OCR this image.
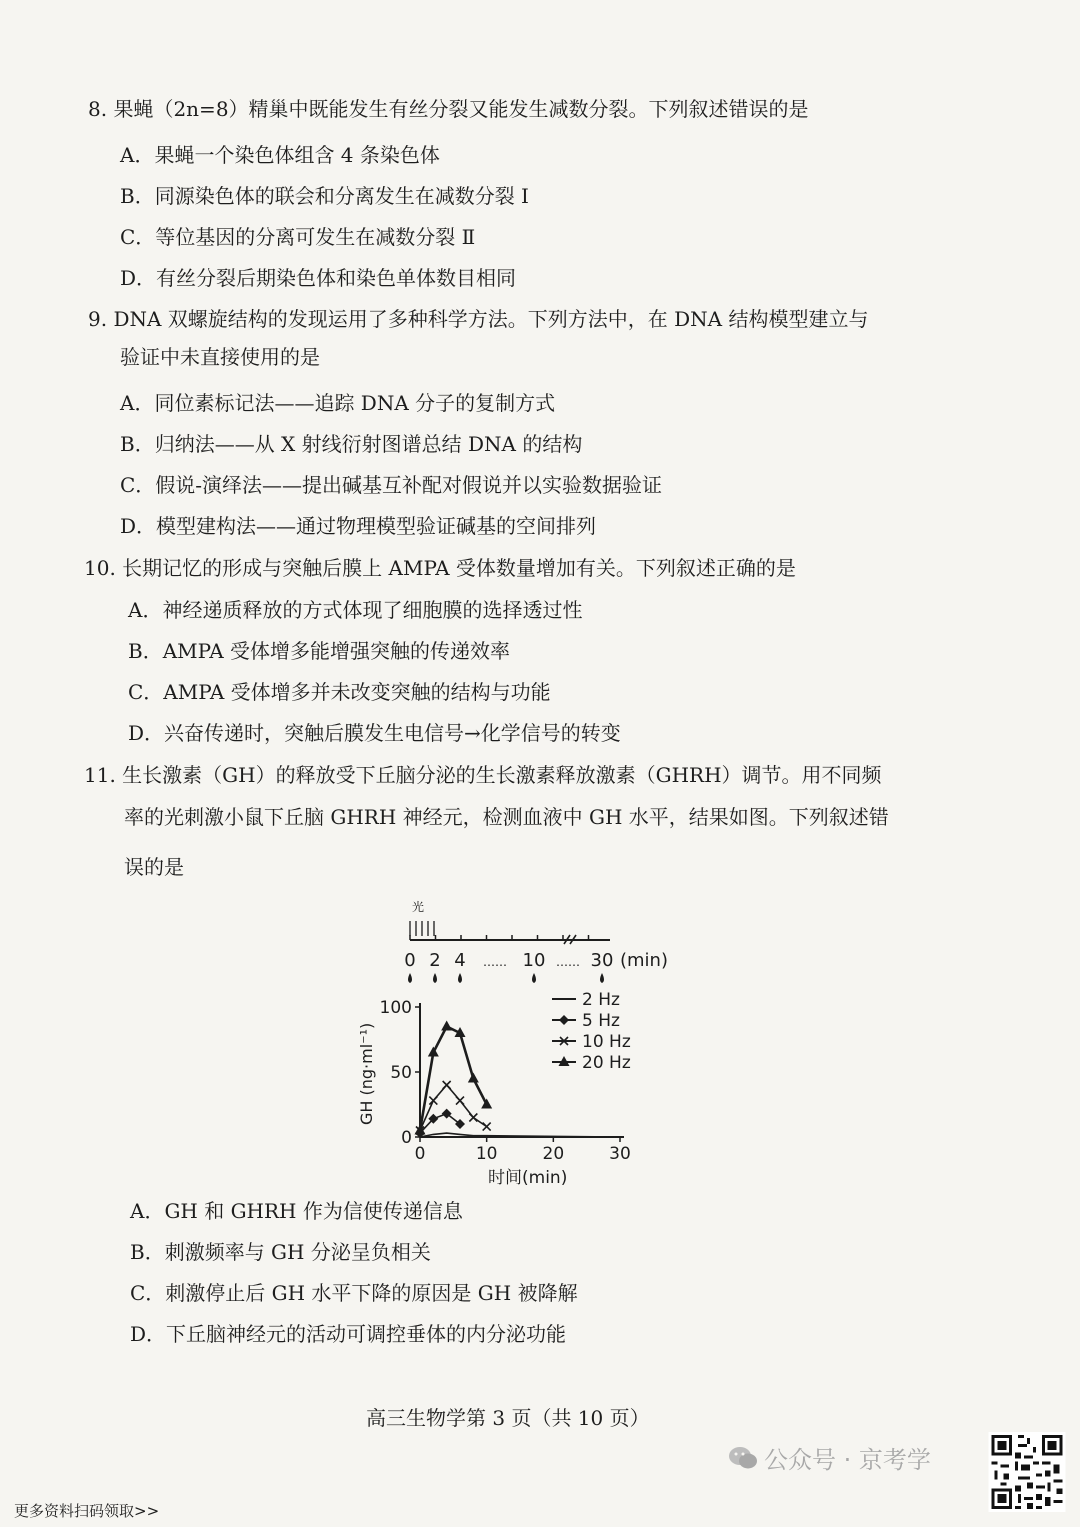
8. 果蝇（2n=8）精巢中既能发生有丝分裂又能发生减数分裂。下列叙述错误的是
A．果蝇一个染色体组含 4 条染色体
B．同源染色体的联会和分离发生在减数分裂 Ⅰ
C．等位基因的分离可发生在减数分裂 Ⅱ
D．有丝分裂后期染色体和染色单体数目相同
9. DNA 双螺旋结构的发现运用了多种科学方法。下列方法中，在 DNA 结构模型建立与
验证中未直接使用的是
A．同位素标记法——追踪 DNA 分子的复制方式
B．归纳法——从 X 射线衍射图谱总结 DNA 的结构
C．假说-演绎法——提出碱基互补配对假说并以实验数据验证
D．模型建构法——通过物理模型验证碱基的空间排列
10. 长期记忆的形成与突触后膜上 AMPA 受体数量增加有关。下列叙述正确的是
A．神经递质释放的方式体现了细胞膜的选择透过性
B．AMPA 受体增多能增强突触的传递效率
C．AMPA 受体增多并未改变突触的结构与功能
D．兴奋传递时，突触后膜发生电信号→化学信号的转变
11. 生长激素（GH）的释放受下丘脑分泌的生长激素释放激素（GHRH）调节。用不同频
率的光刺激小鼠下丘脑 GHRH 神经元，检测血液中 GH 水平，结果如图。下列叙述错
误的是
光
0 2 4 …… 10 …… 30 (min)
0	10	20	30
0
50
100	2 Hz
5 Hz
10 Hz
20 Hz
时间(min)
GH (ng·ml⁻¹)
A．GH 和 GHRH 作为信使传递信息
B．刺激频率与 GH 分泌呈负相关
C．刺激停止后 GH 水平下降的原因是 GH 被降解
D．下丘脑神经元的活动可调控垂体的内分泌功能
高三生物学第 3 页（共 10 页）
公众号 · 京考学
更多资料扫码领取>>
